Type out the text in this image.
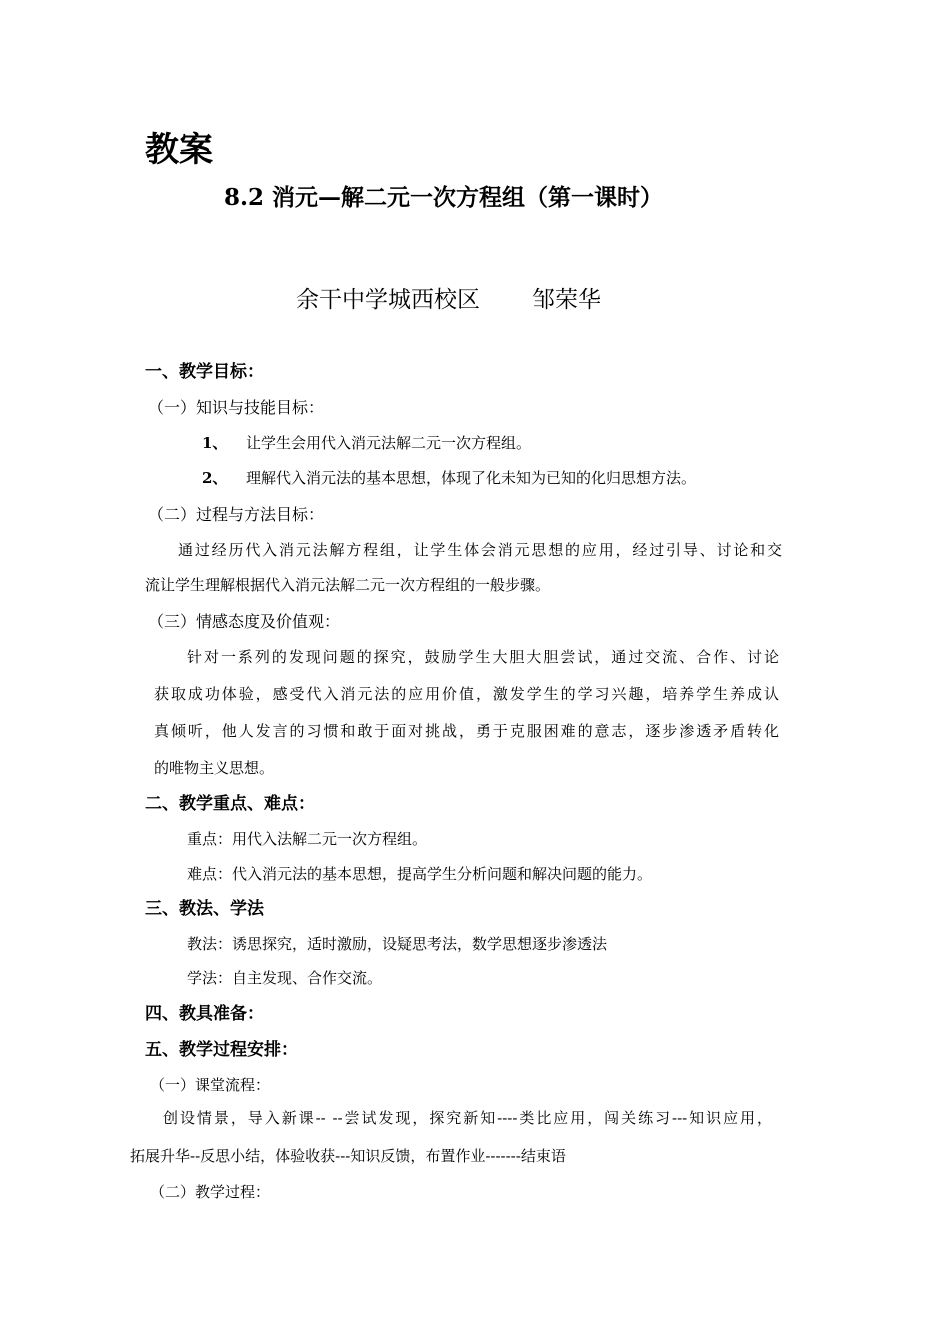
教案
8.2 消元—解二元一次方程组（第一课时）
余干中学城西校区 邹荣华
一、教学目标：
（一）知识与技能目标：
1、 让学生会用代入消元法解二元一次方程组。
2、 理解代入消元法的基本思想，体现了化未知为已知的化归思想方法。
（二）过程与方法目标：
通过经历代入消元法解方程组，让学生体会消元思想的应用，经过引导、讨论和交
流让学生理解根据代入消元法解二元一次方程组的一般步骤。
（三）情感态度及价值观：
针对一系列的发现问题的探究，鼓励学生大胆大胆尝试，通过交流、合作、讨论
获取成功体验，感受代入消元法的应用价值，激发学生的学习兴趣，培养学生养成认
真倾听，他人发言的习惯和敢于面对挑战，勇于克服困难的意志，逐步渗透矛盾转化
的唯物主义思想。
二、教学重点、难点：
重点：用代入法解二元一次方程组。
难点：代入消元法的基本思想，提高学生分析问题和解决问题的能力。
三、教法、学法
教法：诱思探究，适时激励，设疑思考法，数学思想逐步渗透法
学法：自主发现、合作交流。
四、教具准备：
五、教学过程安排：
（一）课堂流程：
创设情景，导入新课-- --尝试发现，探究新知----类比应用，闯关练习---知识应用，
拓展升华--反思小结，体验收获---知识反馈，布置作业-------结束语
（二）教学过程：
